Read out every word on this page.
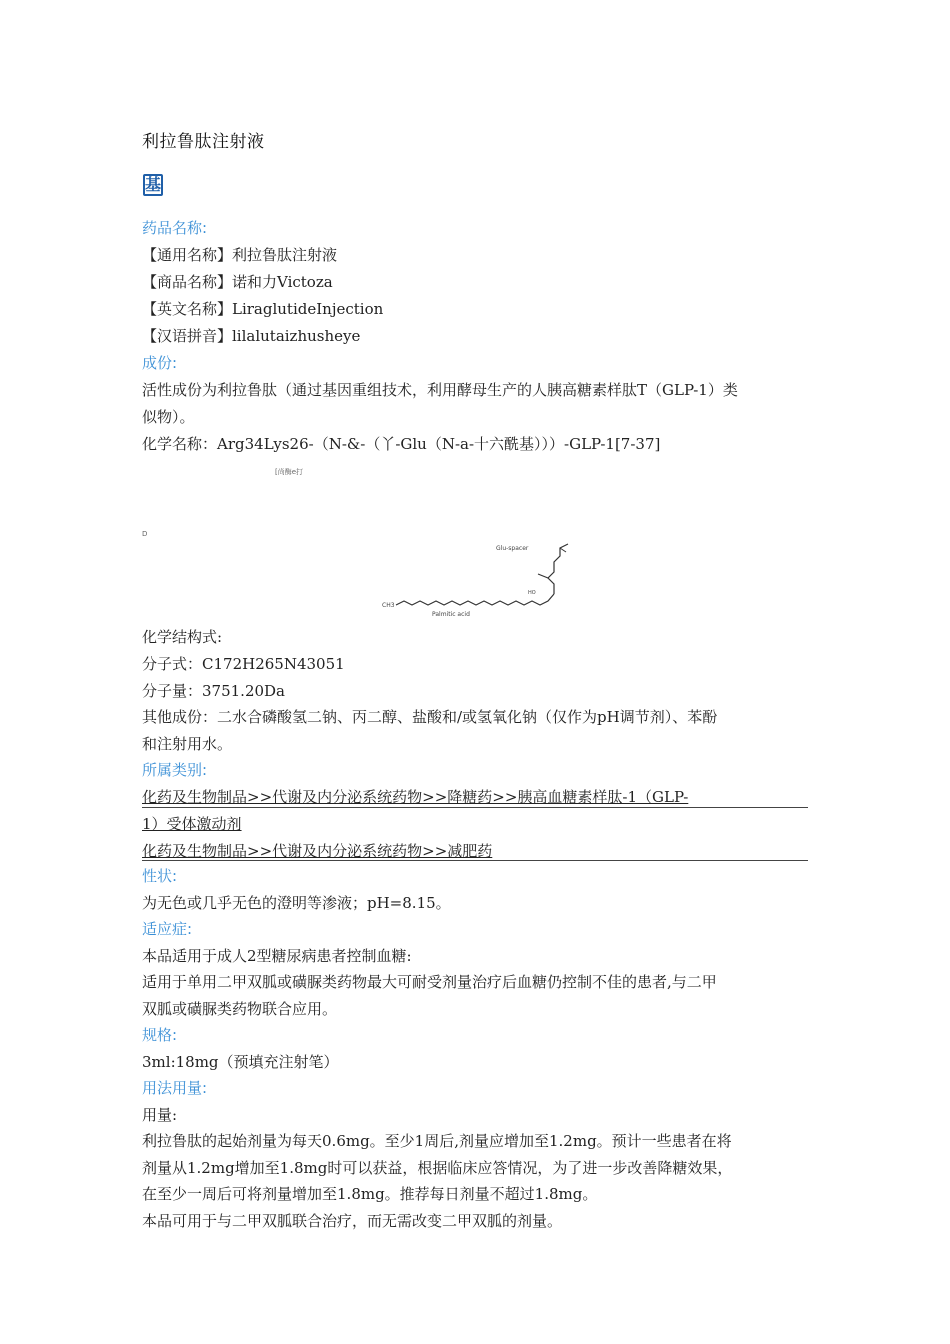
利拉鲁肽注射液
基
药品名称:
【通用名称】利拉鲁肽注射液
【商品名称】诺和力Victoza
【英文名称】LiraglutideInjection
【汉语拼音】lilalutaizhusheye
成份:
活性成份为利拉鲁肽（通过基因重组技术，利用酵母生产的人胰高糖素样肽T（GLP-1）类
似物）。
化学名称：Arg34Lys26-（N-&-（丫-Glu（N-a-十六酰基）））-GLP-1[7-37]
[尚酶e打
D
Glu-spacer
Palmitic acid
CH3
HO
化学结构式:
分子式：C172H265N43051
分子量：3751.20Da
其他成份：二水合磷酸氢二钠、丙二醇、盐酸和/或氢氧化钠（仅作为pH调节剂）、苯酚
和注射用水。
所属类别:
化药及生物制品>>代谢及内分泌系统药物>>降糖药>>胰高血糖素样肽-1（GLP-
1）受体激动剂
化药及生物制品>>代谢及内分泌系统药物>>减肥药
性状:
为无色或几乎无色的澄明等渗液；pH=8.15。
适应症:
本品适用于成人2型糖尿病患者控制血糖:
适用于单用二甲双胍或磺脲类药物最大可耐受剂量治疗后血糖仍控制不佳的患者,与二甲
双胍或磺脲类药物联合应用。
规格:
3ml:18mg（预填充注射笔）
用法用量:
用量:
利拉鲁肽的起始剂量为每天0.6mg。至少1周后,剂量应增加至1.2mg。预计一些患者在将
剂量从1.2mg增加至1.8mg时可以获益，根据临床应答情况，为了进一步改善降糖效果，
在至少一周后可将剂量增加至1.8mg。推荐每日剂量不超过1.8mg。
本品可用于与二甲双胍联合治疗，而无需改变二甲双胍的剂量。
